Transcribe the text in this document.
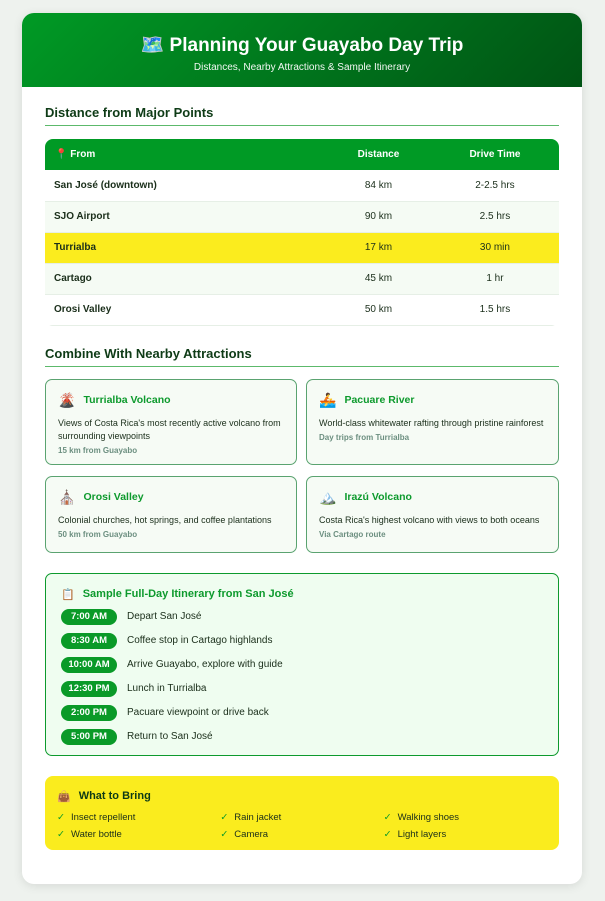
🗺️ Planning Your Guayabo Day Trip
Distances, Nearby Attractions & Sample Itinerary
Distance from Major Points
📍 From	Distance	Drive Time
San José (downtown)	84 km	2-2.5 hrs
SJO Airport	90 km	2.5 hrs
Turrialba	17 km	30 min
Cartago	45 km	1 hr
Orosi Valley	50 km	1.5 hrs
Combine With Nearby Attractions
🌋 Turrialba Volcano
Views of Costa Rica's most recently active volcano from surrounding viewpoints
15 km from Guayabo
🚣 Pacuare River
World-class whitewater rafting through pristine rainforest
Day trips from Turrialba
⛪ Orosi Valley
Colonial churches, hot springs, and coffee plantations
50 km from Guayabo
🏔️ Irazú Volcano
Costa Rica's highest volcano with views to both oceans
Via Cartago route
📋 Sample Full-Day Itinerary from San José
7:00 AM	Depart San José
8:30 AM	Coffee stop in Cartago highlands
10:00 AM	Arrive Guayabo, explore with guide
12:30 PM	Lunch in Turrialba
2:00 PM	Pacuare viewpoint or drive back
5:00 PM	Return to San José
👜 What to Bring
✓ Insect repellent	✓ Rain jacket	✓ Walking shoes
✓ Water bottle	✓ Camera	✓ Light layers
